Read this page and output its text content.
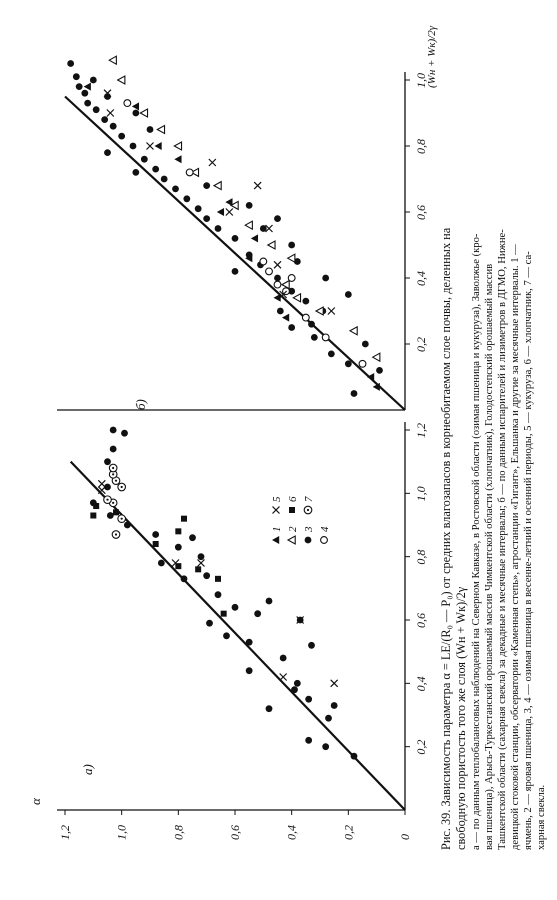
0,2
0,4
0,6
0,8
1,0
1,2
0
0,2
0,4
0,6
0,8
1,0
1,2
0,2
0,4
0,6
0,8
1,0
а)
б)
α
(Wн + Wк)/2γ
1
5
2
6
3
7
4	Рис. 39. Зависимость параметра α = LE/(R₀ — P₀) от средних влагозапасов в корнеобитаемом слое почвы, деленных на свободную пористость того же слоя (Wн + Wк)/2γ а — по данным теплобалансовых наблюдений на Северном Кавказе, в Ростовской области (озимая пшеница и кукуруза), Заволжье (кро- вая пшеница), Арысь-Туркестанский орошаемый массив Чимкентской области (хлопчатник), Голодостепский орошаемый массив Ташкентской области (сахарная свекла) за декадные и месячные интервалы; б — по данным испарителей и лизиметров в ДГМО, Нижне- девицкой стоковой станции, обсерватории «Каменная степь», агростанции «Гигант», Ельшанка и другие за месячные интервалы. 1 — ячмень, 2 — яровая пшеница, 3, 4 — озимая пшеница в весенне-летний и осенний периоды, 5 — кукуруза, 6 — хлопчатник, 7 — са- харная свекла.
